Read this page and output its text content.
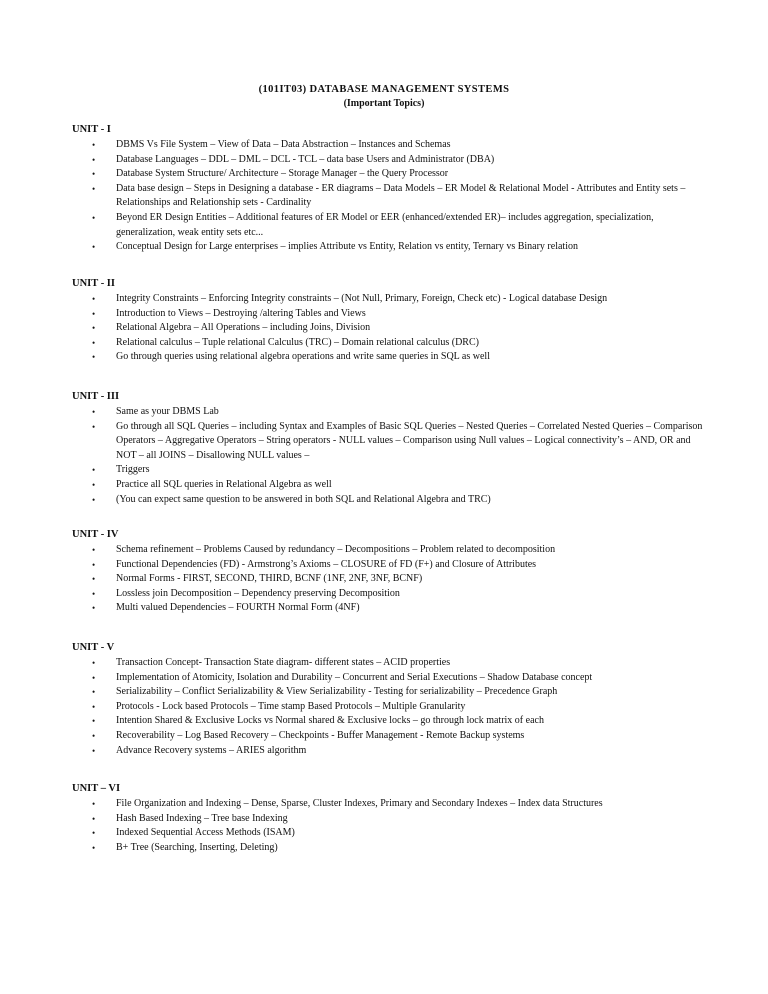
(101IT03) DATABASE MANAGEMENT SYSTEMS
(Important Topics)
UNIT - I
• DBMS Vs File System – View of Data – Data Abstraction – Instances and Schemas
• Database Languages – DDL – DML – DCL - TCL – data base Users and Administrator (DBA)
• Database System Structure/ Architecture – Storage Manager – the Query Processor
• Data base design – Steps in Designing a database - ER diagrams – Data Models – ER Model & Relational Model - Attributes and Entity sets – Relationships and Relationship sets - Cardinality
• Beyond ER Design Entities – Additional features of ER Model or EER (enhanced/extended ER)– includes aggregation, specialization, generalization, weak entity sets etc...
• Conceptual Design for Large enterprises – implies Attribute vs Entity, Relation vs entity, Ternary vs Binary relation
UNIT - II
• Integrity Constraints – Enforcing Integrity constraints – (Not Null, Primary, Foreign, Check etc) - Logical database Design
• Introduction to Views – Destroying /altering Tables and Views
• Relational Algebra – All Operations – including Joins, Division
• Relational calculus – Tuple relational Calculus (TRC) – Domain relational calculus (DRC)
• Go through queries using relational algebra operations and write same queries in SQL as well
UNIT - III
• Same as your DBMS Lab
• Go through all SQL Queries – including Syntax and Examples of Basic SQL Queries – Nested Queries – Correlated Nested Queries – Comparison Operators – Aggregative Operators – String operators - NULL values – Comparison using Null values – Logical connectivity’s – AND, OR and NOT – all JOINS – Disallowing NULL values –
• Triggers
• Practice all SQL queries in Relational Algebra as well
• (You can expect same question to be answered in both SQL and Relational Algebra and TRC)
UNIT - IV
• Schema refinement – Problems Caused by redundancy – Decompositions – Problem related to decomposition
• Functional Dependencies (FD) - Armstrong’s Axioms – CLOSURE of FD (F+) and Closure of Attributes
• Normal Forms - FIRST, SECOND, THIRD, BCNF (1NF, 2NF, 3NF, BCNF)
• Lossless join Decomposition – Dependency preserving Decomposition
• Multi valued Dependencies – FOURTH Normal Form (4NF)
UNIT - V
• Transaction Concept- Transaction State diagram- different states – ACID properties
• Implementation of Atomicity, Isolation and Durability – Concurrent and Serial Executions – Shadow Database concept
• Serializability – Conflict Serializability & View Serializability - Testing for serializability – Precedence Graph
• Protocols - Lock based Protocols – Time stamp Based Protocols – Multiple Granularity
• Intention Shared & Exclusive Locks vs Normal shared & Exclusive locks – go through lock matrix of each
• Recoverability – Log Based Recovery – Checkpoints - Buffer Management - Remote Backup systems
• Advance Recovery systems – ARIES algorithm
UNIT – VI
• File Organization and Indexing – Dense, Sparse, Cluster Indexes, Primary and Secondary Indexes – Index data Structures
• Hash Based Indexing – Tree base Indexing
• Indexed Sequential Access Methods (ISAM)
• B+ Tree (Searching, Inserting, Deleting)
